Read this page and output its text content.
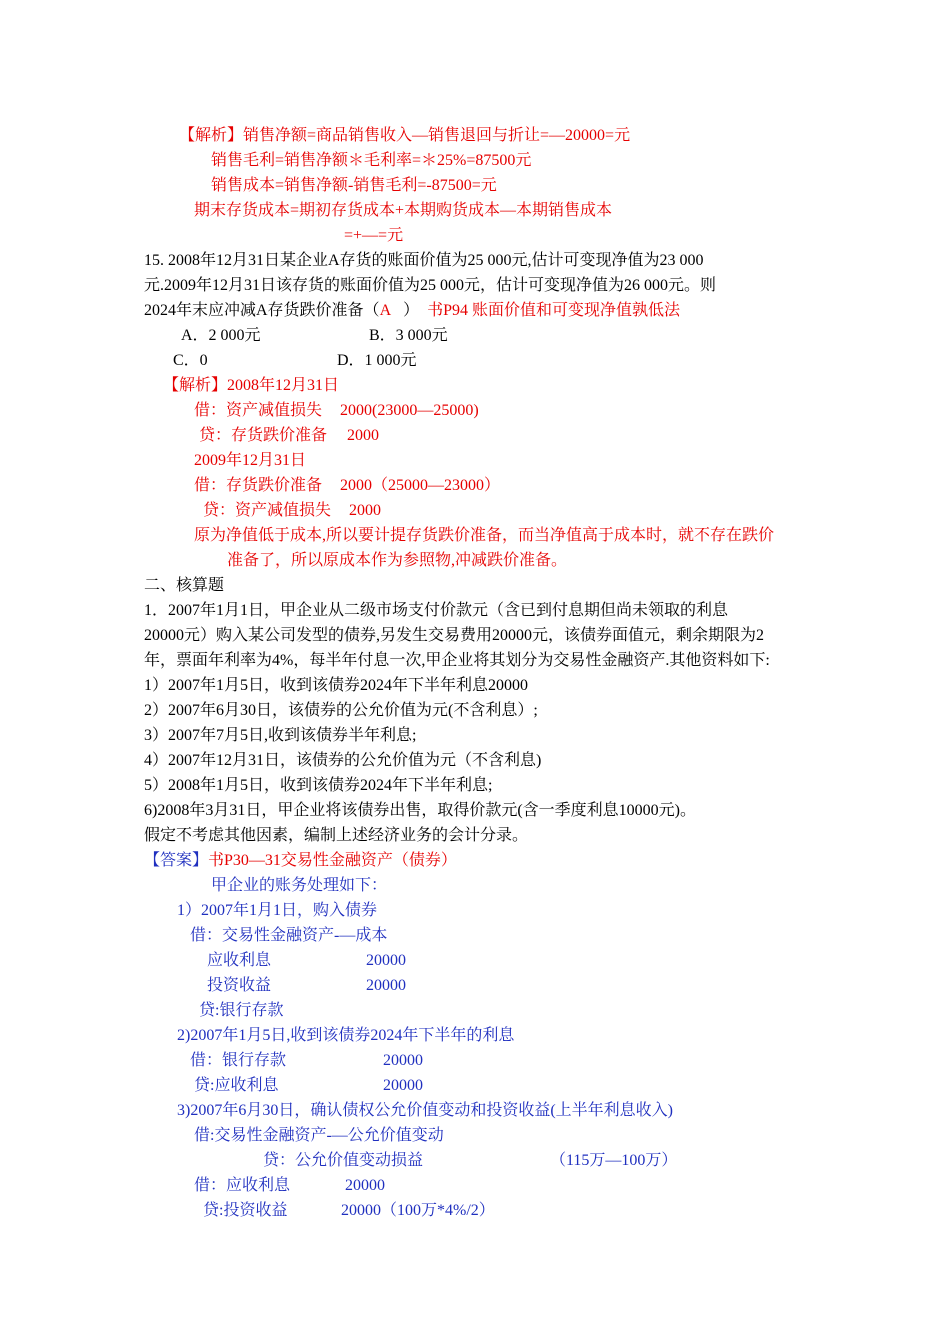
【解析】销售净额=商品销售收入—销售退回与折让=—20000=元
销售毛利=销售净额＊毛利率=＊25%=87500元
销售成本=销售净额-销售毛利=-87500=元
期末存货成本=期初存货成本+本期购货成本—本期销售成本
=+—=元
15. 2008年12月31日某企业A存货的账面价值为25 000元,估计可变现净值为23 000
元.2009年12月31日该存货的账面价值为25 000元，估计可变现净值为26 000元。则
2024年末应冲减A存货跌价准备（A ） 书P94 账面价值和可变现净值孰低法
A．2 000元	B．3 000元
C．0	D．1 000元
【解析】2008年12月31日
借：资产减值损失 2000(23000—25000)
贷：存货跌价准备 2000
2009年12月31日
借：存货跌价准备 2000（25000—23000）
贷：资产减值损失 2000
原为净值低于成本,所以要计提存货跌价准备，而当净值高于成本时，就不存在跌价
准备了，所以原成本作为参照物,冲减跌价准备。
二、核算题
1．2007年1月1日，甲企业从二级市场支付价款元（含已到付息期但尚未领取的利息
20000元）购入某公司发型的债券,另发生交易费用20000元，该债券面值元，剩余期限为2
年，票面年利率为4%，每半年付息一次,甲企业将其划分为交易性金融资产.其他资料如下:
1）2007年1月5日，收到该债券2024年下半年利息20000
2）2007年6月30日，该债券的公允价值为元(不含利息）;
3）2007年7月5日,收到该债券半年利息;
4）2007年12月31日，该债券的公允价值为元（不含利息)
5）2008年1月5日，收到该债券2024年下半年利息;
6)2008年3月31日，甲企业将该债券出售，取得价款元(含一季度利息10000元)。
假定不考虑其他因素，编制上述经济业务的会计分录。
【答案】书P30—31交易性金融资产（债券）
甲企业的账务处理如下：
1）2007年1月1日，购入债券
借：交易性金融资产-—成本
应收利息	20000
投资收益	20000
贷:银行存款
2)2007年1月5日,收到该债券2024年下半年的利息
借：银行存款	20000
贷:应收利息	20000
3)2007年6月30日，确认债权公允价值变动和投资收益(上半年利息收入)
借:交易性金融资产-—公允价值变动
贷：公允价值变动损益	（115万—100万）
借：应收利息	20000
贷:投资收益	20000（100万*4%/2）
